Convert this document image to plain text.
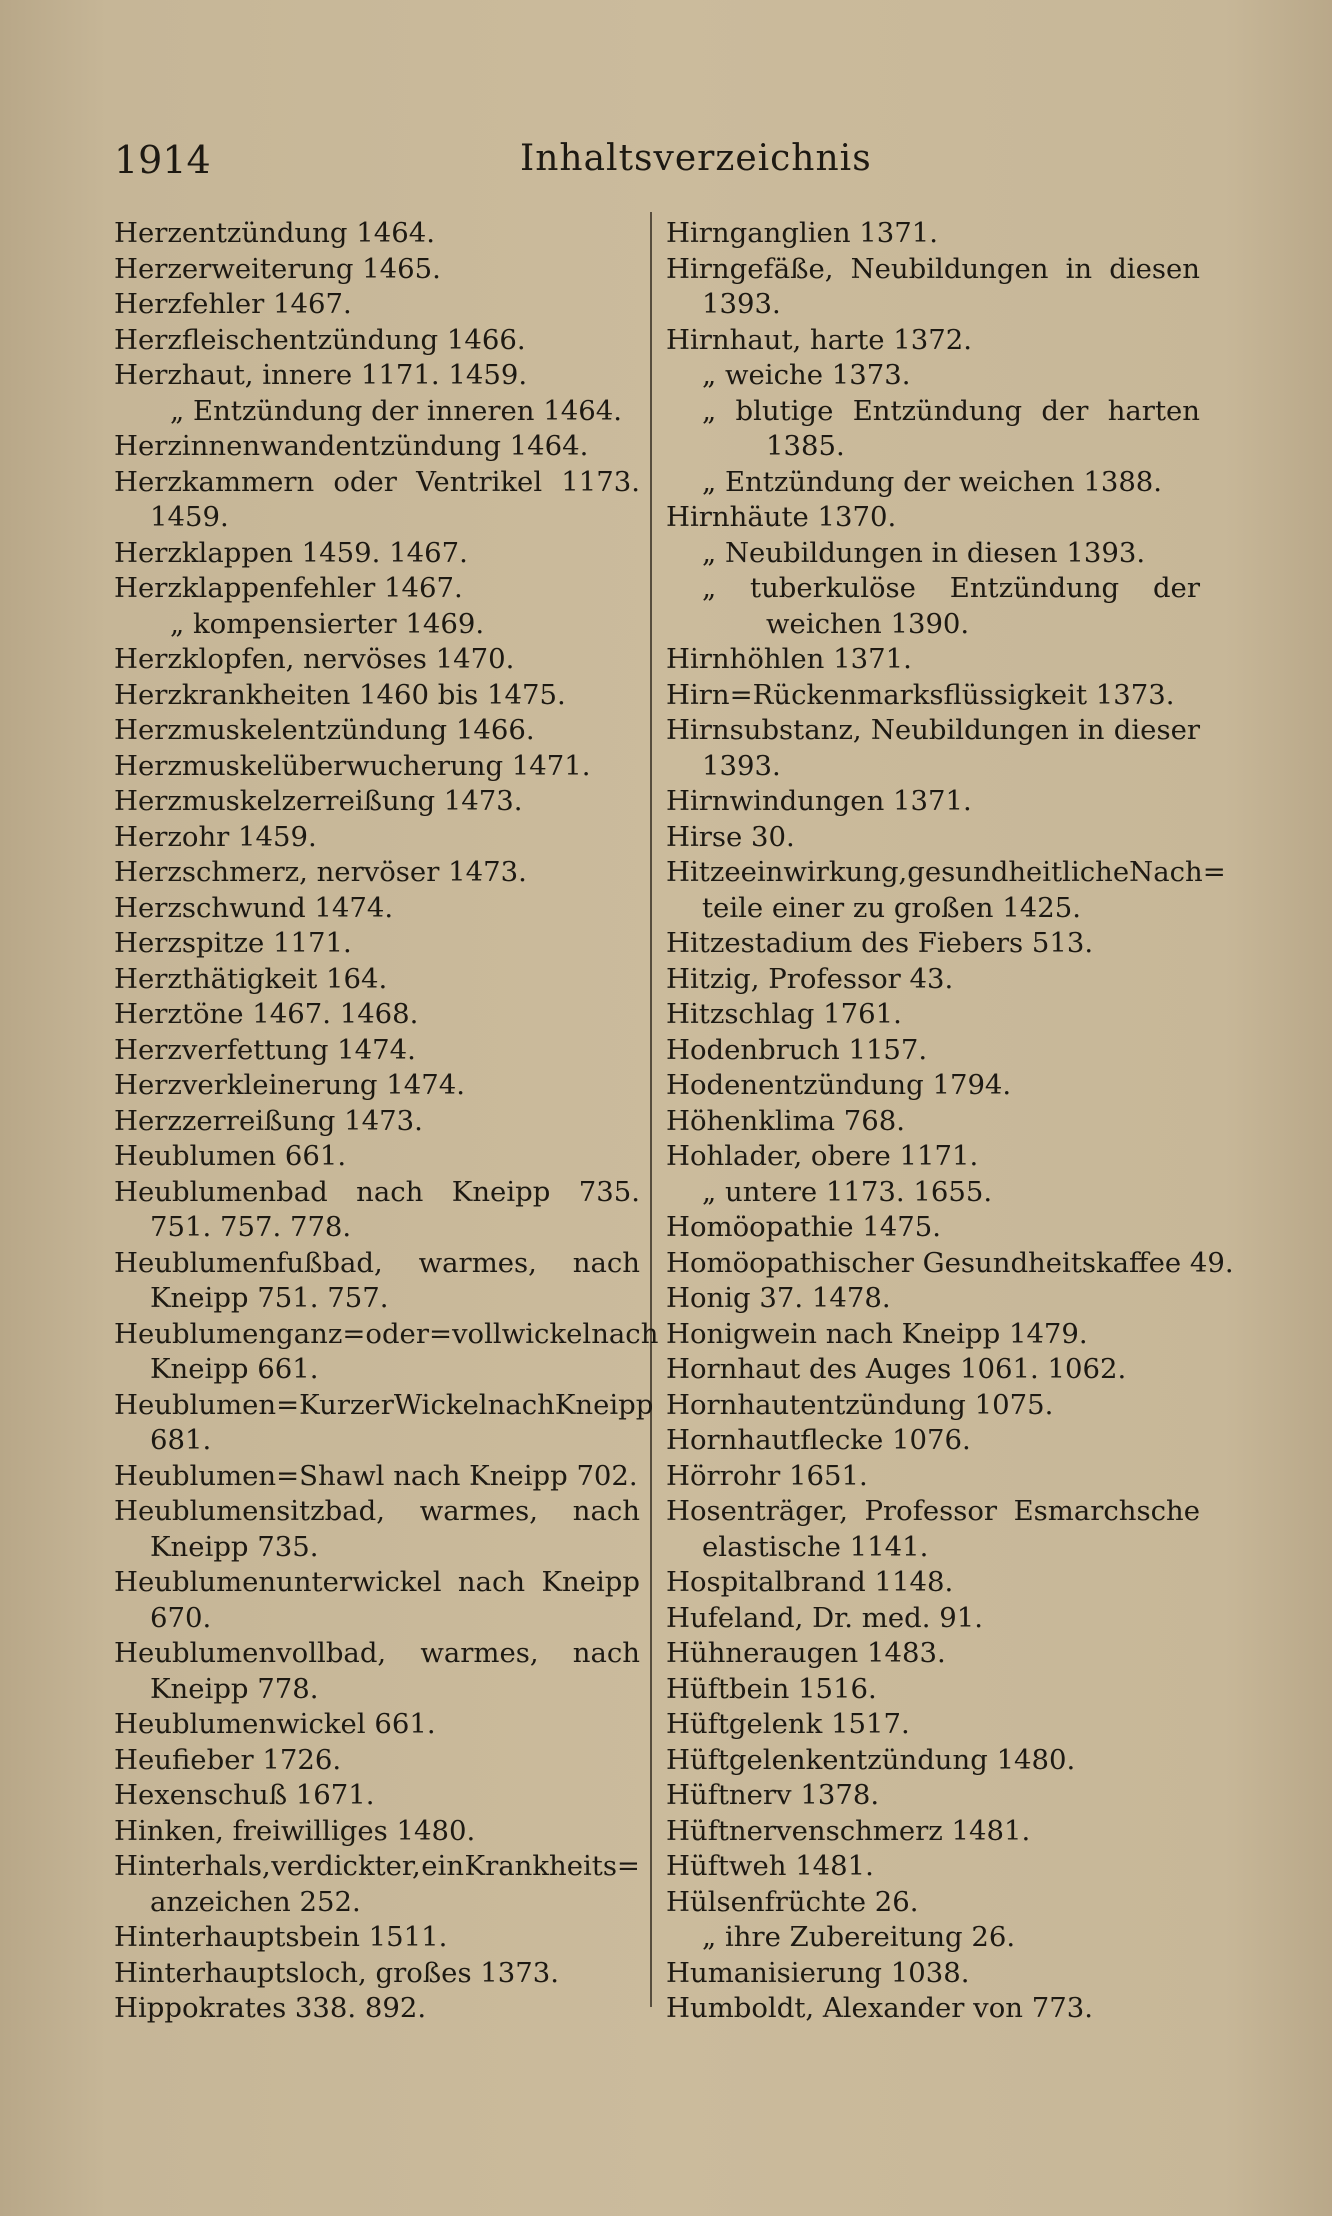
1914	Inhaltsverzeichnis
Herzentzündung 1464.
Herzerweiterung 1465.
Herzfehler 1467.
Herzfleischentzündung 1466.
Herzhaut, innere 1171. 1459.
„ Entzündung der inneren 1464.
Herzinnenwandentzündung 1464.
Herzkammern oder Ventrikel 1173.
1459.
Herzklappen 1459. 1467.
Herzklappenfehler 1467.
„ kompensierter 1469.
Herzklopfen, nervöses 1470.
Herzkrankheiten 1460 bis 1475.
Herzmuskelentzündung 1466.
Herzmuskelüberwucherung 1471.
Herzmuskelzerreißung 1473.
Herzohr 1459.
Herzschmerz, nervöser 1473.
Herzschwund 1474.
Herzspitze 1171.
Herzthätigkeit 164.
Herztöne 1467. 1468.
Herzverfettung 1474.
Herzverkleinerung 1474.
Herzzerreißung 1473.
Heublumen 661.
Heublumenbad nach Kneipp 735.
751. 757. 778.
Heublumenfußbad, warmes, nach
Kneipp 751. 757.
Heublumenganz= oder =vollwickel nach
Kneipp 661.
Heublumen=Kurzer Wickel nach Kneipp
681.
Heublumen=Shawl nach Kneipp 702.
Heublumensitzbad, warmes, nach
Kneipp 735.
Heublumenunterwickel nach Kneipp
670.
Heublumenvollbad, warmes, nach
Kneipp 778.
Heublumenwickel 661.
Heufieber 1726.
Hexenschuß 1671.
Hinken, freiwilliges 1480.
Hinterhals, verdickter, ein Krankheits=
anzeichen 252.
Hinterhauptsbein 1511.
Hinterhauptsloch, großes 1373.
Hippokrates 338. 892.
Hirnganglien 1371.
Hirngefäße, Neubildungen in diesen
1393.
Hirnhaut, harte 1372.
„ weiche 1373.
„ blutige Entzündung der harten
1385.
„ Entzündung der weichen 1388.
Hirnhäute 1370.
„ Neubildungen in diesen 1393.
„ tuberkulöse Entzündung der
weichen 1390.
Hirnhöhlen 1371.
Hirn=Rückenmarksflüssigkeit 1373.
Hirnsubstanz, Neubildungen in dieser
1393.
Hirnwindungen 1371.
Hirse 30.
Hitzeeinwirkung, gesundheitliche Nach=
teile einer zu großen 1425.
Hitzestadium des Fiebers 513.
Hitzig, Professor 43.
Hitzschlag 1761.
Hodenbruch 1157.
Hodenentzündung 1794.
Höhenklima 768.
Hohlader, obere 1171.
„ untere 1173. 1655.
Homöopathie 1475.
Homöopathischer Gesundheitskaffee 49.
Honig 37. 1478.
Honigwein nach Kneipp 1479.
Hornhaut des Auges 1061. 1062.
Hornhautentzündung 1075.
Hornhautflecke 1076.
Hörrohr 1651.
Hosenträger, Professor Esmarchsche
elastische 1141.
Hospitalbrand 1148.
Hufeland, Dr. med. 91.
Hühneraugen 1483.
Hüftbein 1516.
Hüftgelenk 1517.
Hüftgelenkentzündung 1480.
Hüftnerv 1378.
Hüftnervenschmerz 1481.
Hüftweh 1481.
Hülsenfrüchte 26.
„ ihre Zubereitung 26.
Humanisierung 1038.
Humboldt, Alexander von 773.
